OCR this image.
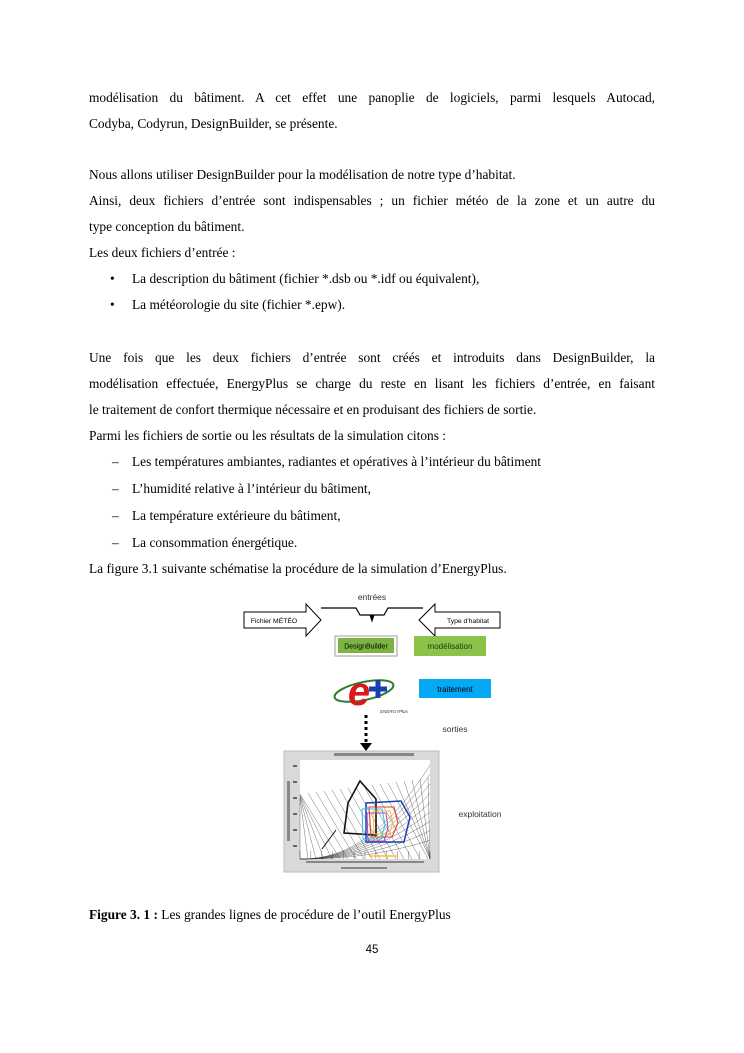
modélisation du bâtiment. A cet effet une panoplie de logiciels, parmi lesquels Autocad,
Codyba, Codyrun, DesignBuilder, se présente.
Nous allons utiliser DesignBuilder pour la modélisation de notre type d’habitat.
Ainsi, deux fichiers d’entrée sont indispensables ; un fichier météo de la zone et un autre du
type conception du bâtiment.
Les deux fichiers d’entrée :
• La description du bâtiment (fichier *.dsb ou *.idf ou équivalent),
• La météorologie du site (fichier *.epw).
Une fois que les deux fichiers d’entrée sont créés et introduits dans DesignBuilder, la
modélisation effectuée, EnergyPlus se charge du reste en lisant les fichiers d’entrée, en faisant
le traitement de confort thermique nécessaire et en produisant des fichiers de sortie.
Parmi les fichiers de sortie ou les résultats de la simulation citons :
– Les températures ambiantes, radiantes et opératives à l’intérieur du bâtiment
– L’humidité relative à l’intérieur du bâtiment,
– La température extérieure du bâtiment,
– La consommation énergétique.
La figure 3.1 suivante schématise la procédure de la simulation d’EnergyPlus.
entrées
Fichier MÉTÉO	Type d'habitat
DesignBuilder	modélisation
e ENERGYPlus
traitement
sorties
exploitation
Figure 3. 1 : Les grandes lignes de procédure de l’outil EnergyPlus
45
